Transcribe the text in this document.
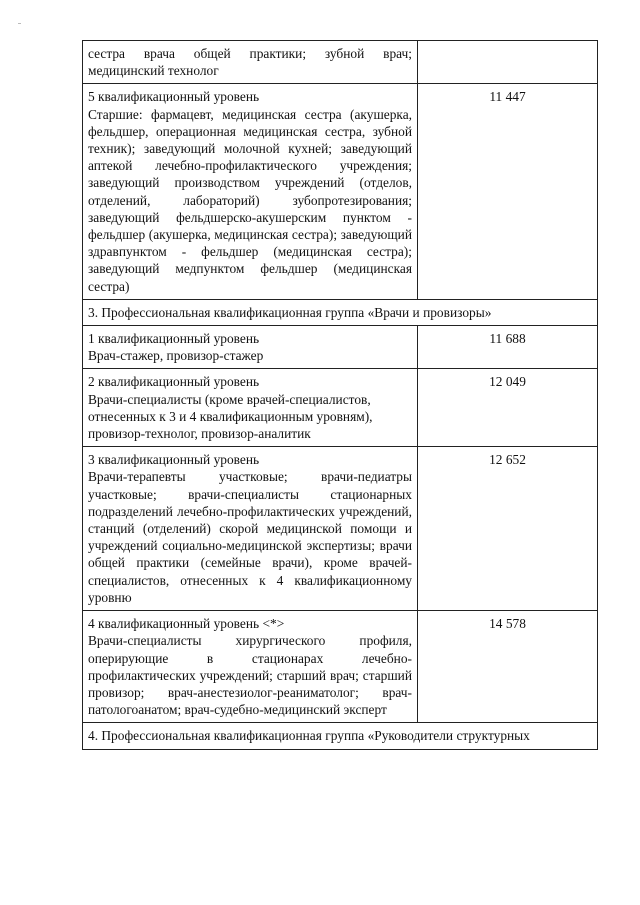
сестра врача общей практики; зубной врач; медицинский технолог	

5 квалификационный уровень
Старшие: фармацевт, медицинская сестра (акушерка, фельдшер, операционная медицинская сестра, зубной техник); заведующий молочной кухней; заведующий аптекой лечебно-профилактического учреждения; заведующий производством учреждений (отделов, отделений, лабораторий) зубопротезирования; заведующий фельдшерско-акушерским пунктом - фельдшер (акушерка, медицинская сестра); заведующий здравпунктом - фельдшер (медицинская сестра); заведующий медпунктом фельдшер (медицинская сестра)	11 447
3. Профессиональная квалификационная группа «Врачи и провизоры»	

1 квалификационный уровень
Врач-стажер, провизор-стажер	11 688

2 квалификационный уровень
Врачи-специалисты (кроме врачей-специалистов, отнесенных к 3 и 4 квалификационным уровням), провизор-технолог, провизор-аналитик	12 049

3 квалификационный уровень
Врачи-терапевты участковые; врачи-педиатры участковые; врачи-специалисты стационарных подразделений лечебно-профилактических учреждений, станций (отделений) скорой медицинской помощи и учреждений социально-медицинской экспертизы; врачи общей практики (семейные врачи), кроме врачей-специалистов, отнесенных к 4 квалификационному уровню	12 652

4 квалификационный уровень <*>
Врачи-специалисты хирургического профиля, оперирующие в стационарах лечебно-профилактических учреждений; старший врач; старший провизор; врач-анестезиолог-реаниматолог; врач-патологоанатом; врач-судебно-медицинский эксперт	14 578
4. Профессиональная квалификационная группа «Руководители структурных	
